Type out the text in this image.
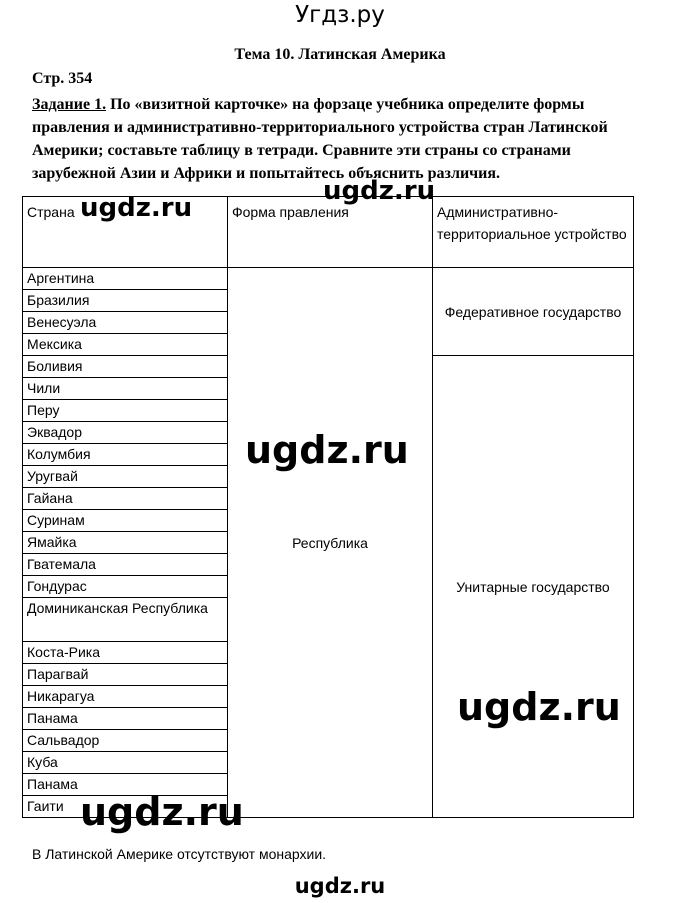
Угдз.ру
Тема 10. Латинская Америка
Стр. 354
Задание 1. По «визитной карточке» на форзаце учебника определите формы правления и административно-территориального устройства стран Латинской Америки; составьте таблицу в тетради. Сравните эти страны со странами зарубежной Азии и Африки и попытайтесь объяснить различия.
Страна	Форма правления	Административно-территориальное устройство
Аргентина	Республика	Федеративное государство
Бразилия		
Венесуэла		
Мексика		
Боливия		Унитарные государство
Чили		
Перу		
Эквадор		
Колумбия		
Уругвай		
Гайана		
Суринам		
Ямайка		
Гватемала		
Гондурас		
Доминиканская Республика		
Коста-Рика		
Парагвай		
Никарагуа		
Панама		
Сальвадор		
Куба		
Панама		
Гаити		
В Латинской Америке отсутствуют монархии.
ugdz.ru
ugdz.ru
ugdz.ru
ugdz.ru
ugdz.ru
ugdz.ru
